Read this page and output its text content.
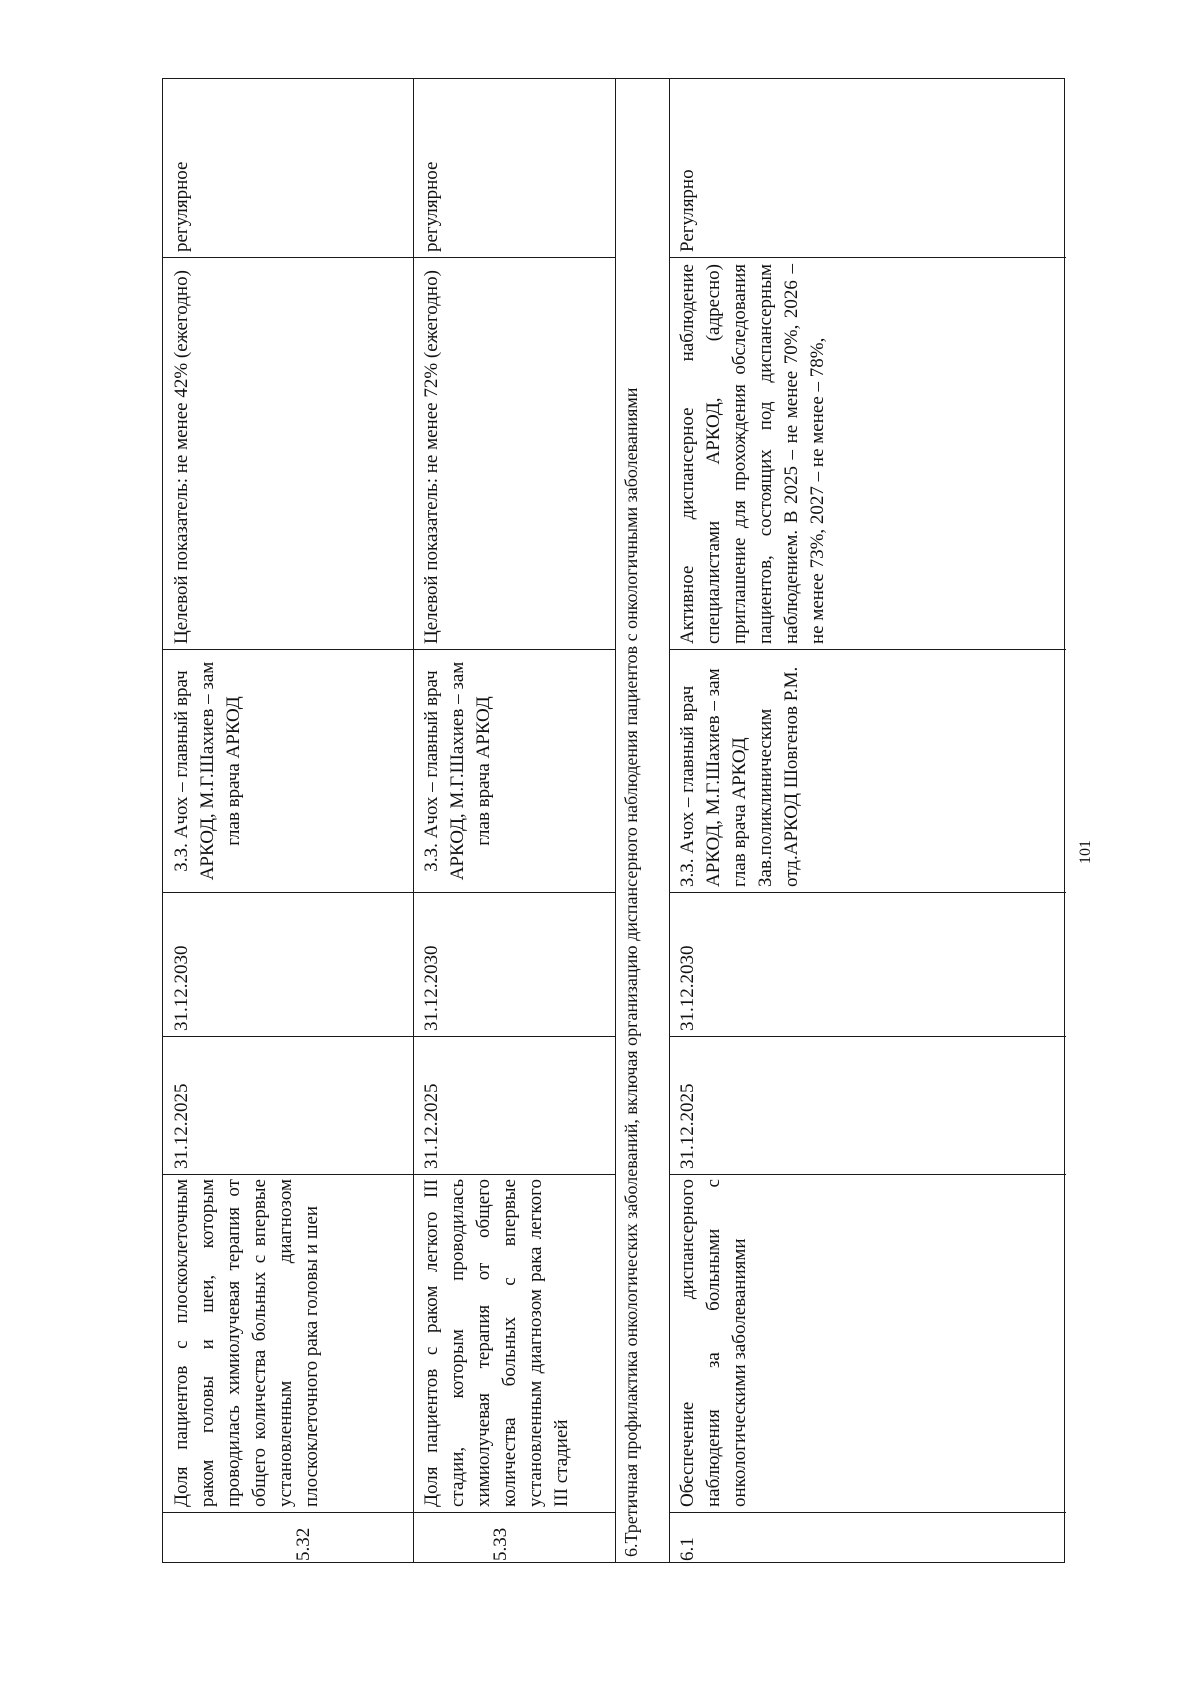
5.32
Доля пациентов с плоскоклеточным раком головы и шеи, которым проводилась химиолучевая терапия от общего количества больных с впервые установленным диагнозом плоскоклеточного рака головы и шеи
31.12.2025
31.12.2030
З.З. Ачох – главный врач АРКОД, М.Г.Шахиев – зам глав врача АРКОД
Целевой показатель: не менее 42% (ежегодно)
регулярное
5.33
Доля пациентов с раком легкого III стадии, которым проводилась химиолучевая терапия от общего количества больных с впервые установленным диагнозом рака легкого III стадией
31.12.2025
31.12.2030
З.З. Ачох – главный врач АРКОД, М.Г.Шахиев – зам глав врача АРКОД
Целевой показатель: не менее 72% (ежегодно)
регулярное
6.Третичная профилактика онкологических заболеваний, включая организацию диспансерного наблюдения пациентов с онкологичными заболеваниями	6.1
Обеспечение диспансерного наблюдения за больными с онкологическими заболеваниями
31.12.2025
31.12.2030
З.З. Ачох – главный врач АРКОД, М.Г.Шахиев – зам глав врача АРКОД Зав.поликлиническим отд.АРКОД Шовгенов Р.М.
Активное диспансерное наблюдение специалистами АРКОД, (адресно) приглашение для прохождения обследования пациентов, состоящих под диспансерным наблюдением. В 2025 – не менее 70%, 2026 – не менее 73%, 2027 – не менее – 78%,
Регулярно
101
